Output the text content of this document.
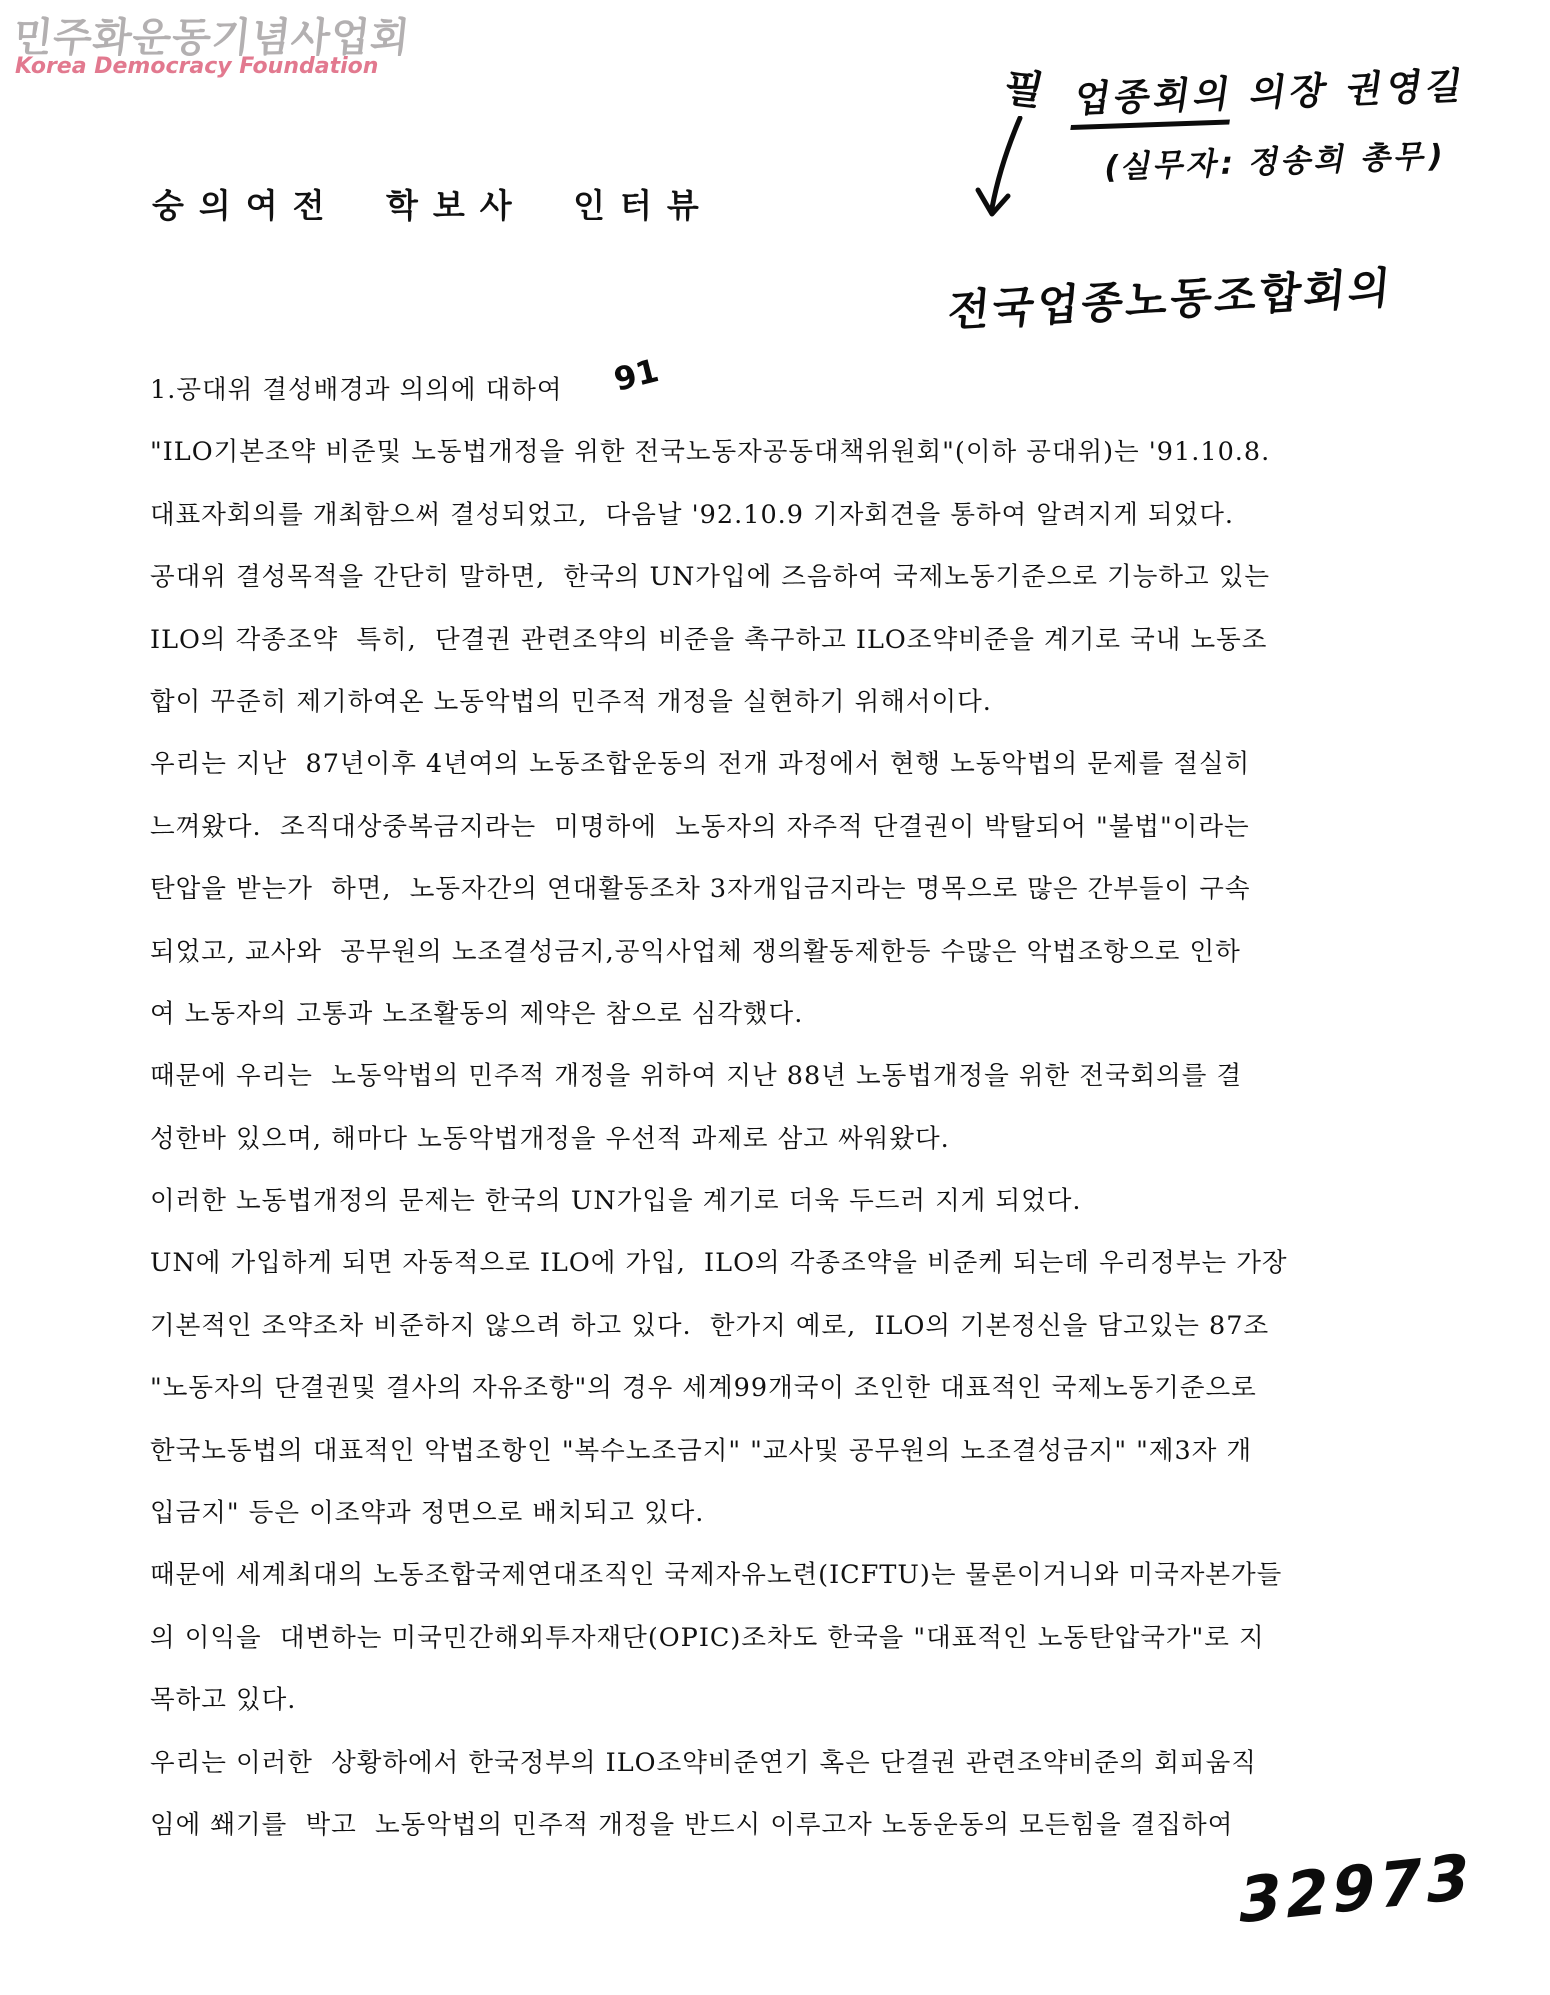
민주화운동기념사업회
Korea Democracy Foundation
숭의여전 학보사 인터뷰
필 업종회의 의장 권영길
(실무자: 정송희 총무)
전국업종노동조합회의
91
1.공대위 결성배경과 의의에 대하여
"ILO기본조약 비준및 노동법개정을 위한 전국노동자공동대책위원회"(이하 공대위)는 '91.10.8.
대표자회의를 개최함으써 결성되었고,  다음날 '92.10.9 기자회견을 통하여 알려지게 되었다.
공대위 결성목적을 간단히 말하면,  한국의 UN가입에 즈음하여 국제노동기준으로 기능하고 있는
ILO의 각종조약  특히,  단결권 관련조약의 비준을 촉구하고 ILO조약비준을 계기로 국내 노동조
합이 꾸준히 제기하여온 노동악법의 민주적 개정을 실현하기 위해서이다.
우리는 지난  87년이후 4년여의 노동조합운동의 전개 과정에서 현행 노동악법의 문제를 절실히
느껴왔다.  조직대상중복금지라는  미명하에  노동자의 자주적 단결권이 박탈되어 "불법"이라는
탄압을 받는가  하면,  노동자간의 연대활동조차 3자개입금지라는 명목으로 많은 간부들이 구속
되었고, 교사와  공무원의 노조결성금지,공익사업체 쟁의활동제한등 수많은 악법조항으로 인하
여 노동자의 고통과 노조활동의 제약은 참으로 심각했다.
때문에 우리는  노동악법의 민주적 개정을 위하여 지난 88년 노동법개정을 위한 전국회의를 결
성한바 있으며, 해마다 노동악법개정을 우선적 과제로 삼고 싸워왔다.
이러한 노동법개정의 문제는 한국의 UN가입을 계기로 더욱 두드러 지게 되었다.
UN에 가입하게 되면 자동적으로 ILO에 가입,  ILO의 각종조약을 비준케 되는데 우리정부는 가장
기본적인 조약조차 비준하지 않으려 하고 있다.  한가지 예로,  ILO의 기본정신을 담고있는 87조
"노동자의 단결권및 결사의 자유조항"의 경우 세계99개국이 조인한 대표적인 국제노동기준으로
한국노동법의 대표적인 악법조항인 "복수노조금지" "교사및 공무원의 노조결성금지" "제3자 개
입금지" 등은 이조약과 정면으로 배치되고 있다.
때문에 세계최대의 노동조합국제연대조직인 국제자유노련(ICFTU)는 물론이거니와 미국자본가들
의 이익을  대변하는 미국민간해외투자재단(OPIC)조차도 한국을 "대표적인 노동탄압국가"로 지
목하고 있다.
우리는 이러한  상황하에서 한국정부의 ILO조약비준연기 혹은 단결권 관련조약비준의 회피움직
임에 쐐기를  박고  노동악법의 민주적 개정을 반드시 이루고자 노동운동의 모든힘을 결집하여
32973
